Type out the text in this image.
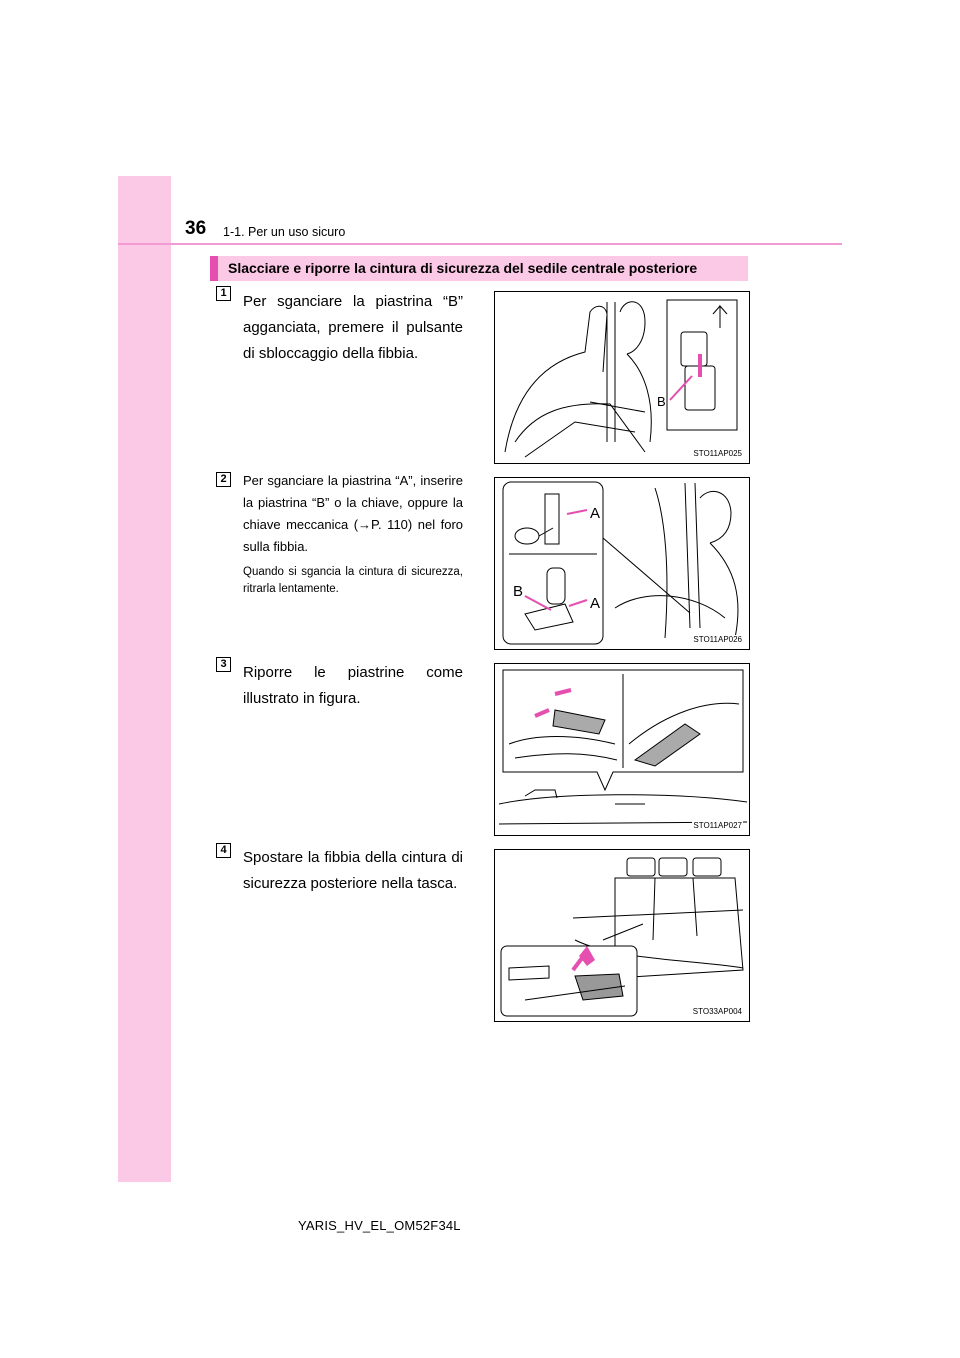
36 1-1. Per un uso sicuro
Slacciare e riporre la cintura di sicurezza del sedile centrale posteriore
1 Per sganciare la piastrina “B” agganciata, premere il pulsante di sbloccaggio della fibbia.
B
STO11AP025
2	Per sganciare la piastrina “A”, inserire la piastrina “B” o la chiave, oppure la chiave meccanica (→P. 110) nel foro sulla fibbia.
Quando si sgancia la cintura di sicurezza, ritrarla lentamente.
A
B
A
STO11AP026
3 Riporre le piastrine come illustrato in figura.
STO11AP027
4 Spostare la fibbia della cintura di sicurezza posteriore nella tasca.
STO33AP004
YARIS_HV_EL_OM52F34L
